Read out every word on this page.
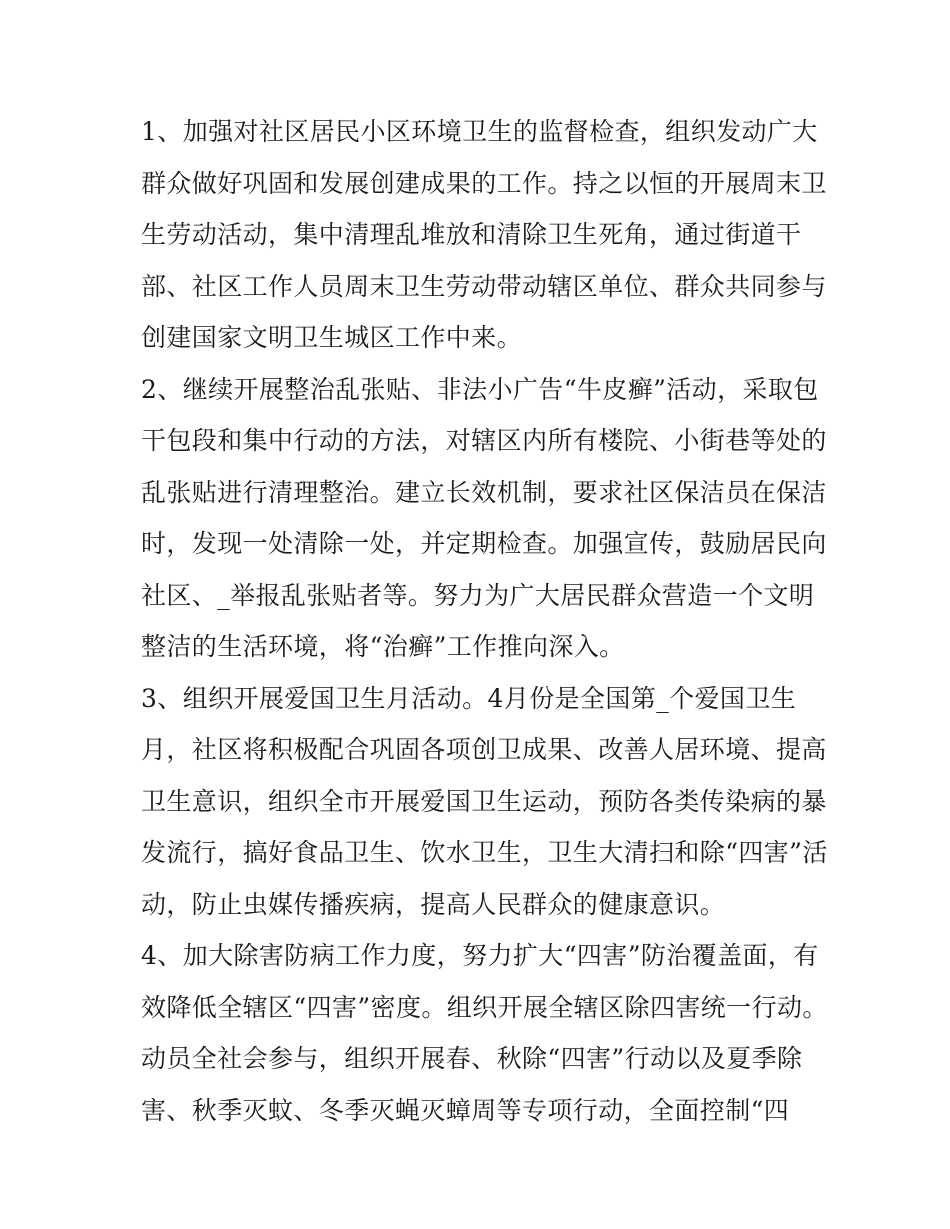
1、加强对社区居民小区环境卫生的监督检查，组织发动广大
群众做好巩固和发展创建成果的工作。持之以恒的开展周末卫
生劳动活动，集中清理乱堆放和清除卫生死角，通过街道干
部、社区工作人员周末卫生劳动带动辖区单位、群众共同参与
创建国家文明卫生城区工作中来。
2、继续开展整治乱张贴、非法小广告“牛皮癣”活动，采取包
干包段和集中行动的方法，对辖区内所有楼院、小街巷等处的
乱张贴进行清理整治。建立长效机制，要求社区保洁员在保洁
时，发现一处清除一处，并定期检查。加强宣传，鼓励居民向
社区、_举报乱张贴者等。努力为广大居民群众营造一个文明
整洁的生活环境，将“治癣”工作推向深入。
3、组织开展爱国卫生月活动。4月份是全国第_个爱国卫生
月，社区将积极配合巩固各项创卫成果、改善人居环境、提高
卫生意识，组织全市开展爱国卫生运动，预防各类传染病的暴
发流行，搞好食品卫生、饮水卫生，卫生大清扫和除“四害”活
动，防止虫媒传播疾病，提高人民群众的健康意识。
4、加大除害防病工作力度，努力扩大“四害”防治覆盖面，有
效降低全辖区“四害”密度。组织开展全辖区除四害统一行动。
动员全社会参与，组织开展春、秋除“四害”行动以及夏季除
害、秋季灭蚊、冬季灭蝇灭蟑周等专项行动，全面控制“四
